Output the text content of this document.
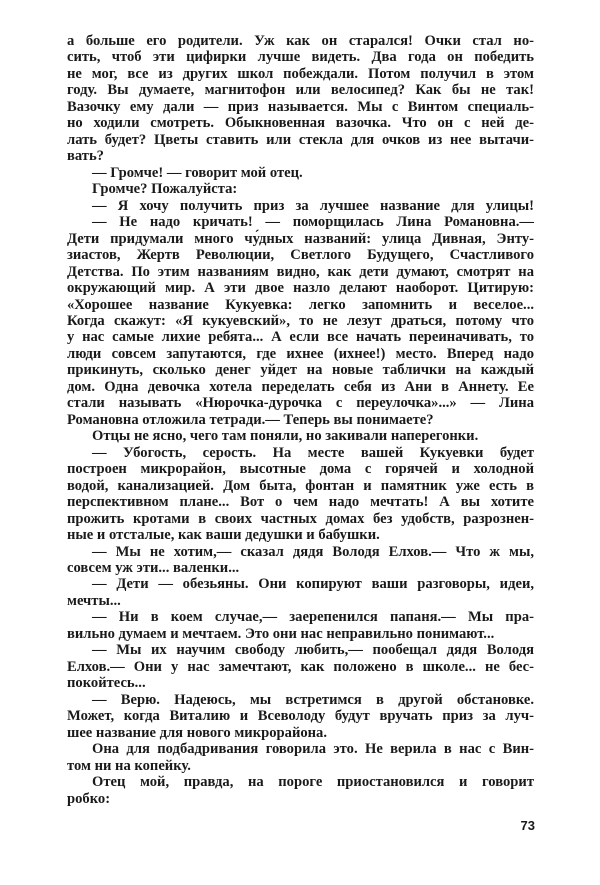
а больше его родители. Уж как он старался! Очки стал но-
сить, чтоб эти цифирки лучше видеть. Два года он победить
не мог, все из других школ побеждали. Потом получил в этом
году. Вы думаете, магнитофон или велосипед? Как бы не так!
Вазочку ему дали — приз называется. Мы с Винтом специаль-
но ходили смотреть. Обыкновенная вазочка. Что он с ней де-
лать будет? Цветы ставить или стекла для очков из нее вытачи-
вать?
— Громче! — говорит мой отец.
Громче? Пожалуйста:
— Я хочу получить приз за лучшее название для улицы!
— Не надо кричать! — поморщилась Лина Романовна.—
Дети придумали много чу́дных названий: улица Дивная, Энту-
зиастов, Жертв Революции, Светлого Будущего, Счастливого
Детства. По этим названиям видно, как дети думают, смотрят на
окружающий мир. А эти двое назло делают наоборот. Цитирую:
«Хорошее название Кукуевка: легко запомнить и веселое...
Когда скажут: «Я кукуевский», то не лезут драться, потому что
у нас самые лихие ребята... А если все начать переиначивать, то
люди совсем запутаются, где ихнее (ихнее!) место. Вперед надо
прикинуть, сколько денег уйдет на новые таблички на каждый
дом. Одна девочка хотела переделать себя из Ани в Аннету. Ее
стали называть «Нюрочка-дурочка с переулочка»...» — Лина
Романовна отложила тетради.— Теперь вы понимаете?
Отцы не ясно, чего там поняли, но закивали наперегонки.
— Убогость, серость. На месте вашей Кукуевки будет
построен микрорайон, высотные дома с горячей и холодной
водой, канализацией. Дом быта, фонтан и памятник уже есть в
перспективном плане... Вот о чем надо мечтать! А вы хотите
прожить кротами в своих частных домах без удобств, разрознен-
ные и отсталые, как ваши дедушки и бабушки.
— Мы не хотим,— сказал дядя Володя Елхов.— Что ж мы,
совсем уж эти... валенки...
— Дети — обезьяны. Они копируют ваши разговоры, идеи,
мечты...
— Ни в коем случае,— заерепенился папаня.— Мы пра-
вильно думаем и мечтаем. Это они нас неправильно понимают...
— Мы их научим свободу любить,— пообещал дядя Володя
Елхов.— Они у нас замечтают, как положено в школе... не бес-
покойтесь...
— Верю. Надеюсь, мы встретимся в другой обстановке.
Может, когда Виталию и Всеволоду будут вручать приз за луч-
шее название для нового микрорайона.
Она для подбадривания говорила это. Не верила в нас с Вин-
том ни на копейку.
Отец мой, правда, на пороге приостановился и говорит
робко:
73
